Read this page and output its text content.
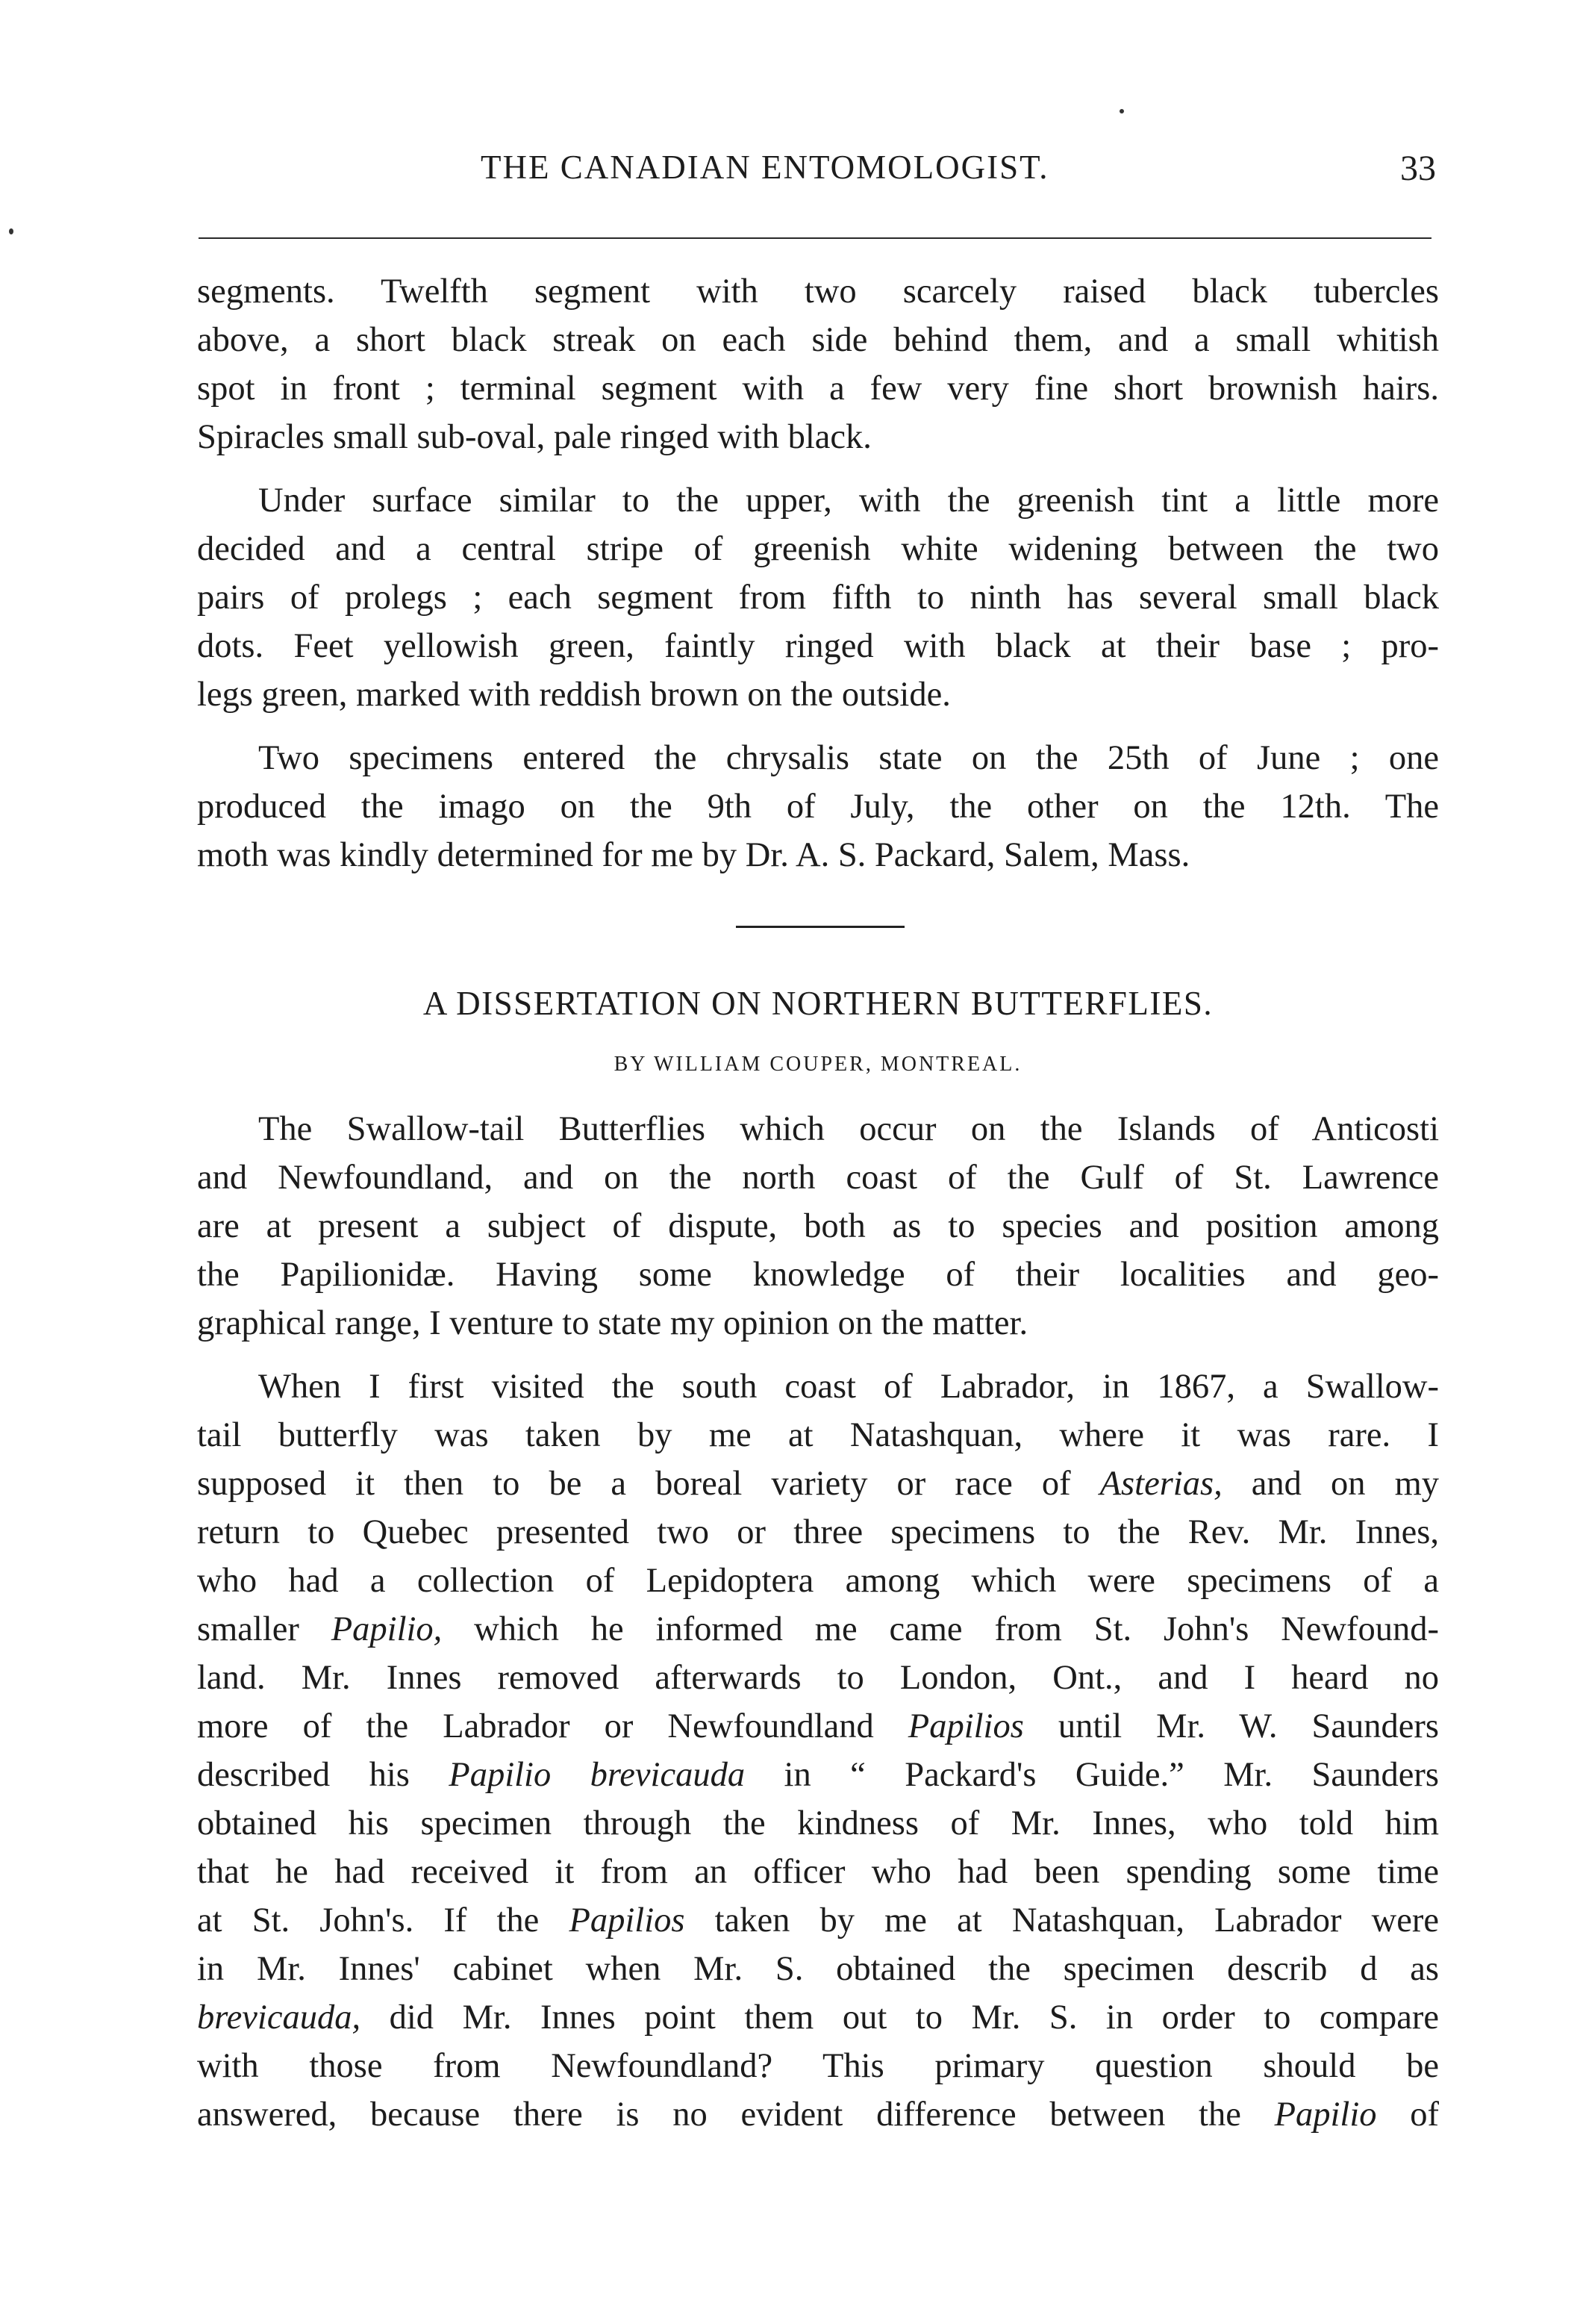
THE CANADIAN ENTOMOLOGIST.	33
segments. Twelfth segment with two scarcely raised black tubercles
above, a short black streak on each side behind them, and a small whitish
spot in front ; terminal segment with a few very fine short brownish hairs.
Spiracles small sub-oval, pale ringed with black.
Under surface similar to the upper, with the greenish tint a little more
decided and a central stripe of greenish white widening between the two
pairs of prolegs ; each segment from fifth to ninth has several small black
dots. Feet yellowish green, faintly ringed with black at their base ; pro-
legs green, marked with reddish brown on the outside.
Two specimens entered the chrysalis state on the 25th of June ; one
produced the imago on the 9th of July, the other on the 12th. The
moth was kindly determined for me by Dr. A. S. Packard, Salem, Mass.
A DISSERTATION ON NORTHERN BUTTERFLIES.
BY WILLIAM COUPER, MONTREAL.
The Swallow-tail Butterflies which occur on the Islands of Anticosti
and Newfoundland, and on the north coast of the Gulf of St. Lawrence
are at present a subject of dispute, both as to species and position among
the Papilionidæ. Having some knowledge of their localities and geo-
graphical range, I venture to state my opinion on the matter.
When I first visited the south coast of Labrador, in 1867, a Swallow-
tail butterfly was taken by me at Natashquan, where it was rare. I
supposed it then to be a boreal variety or race of Asterias, and on my
return to Quebec presented two or three specimens to the Rev. Mr. Innes,
who had a collection of Lepidoptera among which were specimens of a
smaller Papilio, which he informed me came from St. John's Newfound-
land. Mr. Innes removed afterwards to London, Ont., and I heard no
more of the Labrador or Newfoundland Papilios until Mr. W. Saunders
described his Papilio brevicauda in “ Packard's Guide.” Mr. Saunders
obtained his specimen through the kindness of Mr. Innes, who told him
that he had received it from an officer who had been spending some time
at St. John's. If the Papilios taken by me at Natashquan, Labrador were
in Mr. Innes' cabinet when Mr. S. obtained the specimen describ d as
brevicauda, did Mr. Innes point them out to Mr. S. in order to compare
with those from Newfoundland? This primary question should be
answered, because there is no evident difference between the Papilio of
